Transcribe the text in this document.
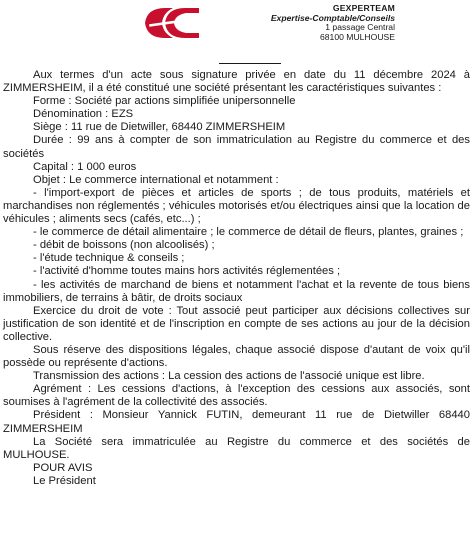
GEXPERTEAM
Expertise-Comptable/Conseils
1 passage Central
68100 MULHOUSE

Aux termes d'un acte sous signature privée en date du 11 décembre 2024 à ZIMMERSHEIM, il a été constitué une société présentant les caractéristiques suivantes :

Forme : Société par actions simplifiée unipersonnelle

Dénomination : EZS

Siège : 11 rue de Dietwiller, 68440 ZIMMERSHEIM

Durée : 99 ans à compter de son immatriculation au Registre du commerce et des sociétés

Capital : 1 000 euros

Objet : Le commerce international et notamment :

- l'import-export de pièces et articles de sports ; de tous produits, matériels et marchandises non réglementés ; véhicules motorisés et/ou électriques ainsi que la location de véhicules ; aliments secs (cafés, etc...) ;

- le commerce de détail alimentaire ; le commerce de détail de fleurs, plantes, graines ;

- débit de boissons (non alcoolisés) ;

- l'étude technique & conseils ;

- l'activité d'homme toutes mains hors activités réglementées ;

- les activités de marchand de biens et notamment l'achat et la revente de tous biens immobiliers, de terrains à bâtir, de droits sociaux

Exercice du droit de vote : Tout associé peut participer aux décisions collectives sur justification de son identité et de l'inscription en compte de ses actions au jour de la décision collective.

Sous réserve des dispositions légales, chaque associé dispose d'autant de voix qu'il possède ou représente d'actions.

Transmission des actions : La cession des actions de l'associé unique est libre.

Agrément : Les cessions d'actions, à l'exception des cessions aux associés, sont soumises à l'agrément de la collectivité des associés.

Président : Monsieur Yannick FUTIN, demeurant 11 rue de Dietwiller 68440 ZIMMERSHEIM

La Société sera immatriculée au Registre du commerce et des sociétés de MULHOUSE.

POUR AVIS

Le Président
